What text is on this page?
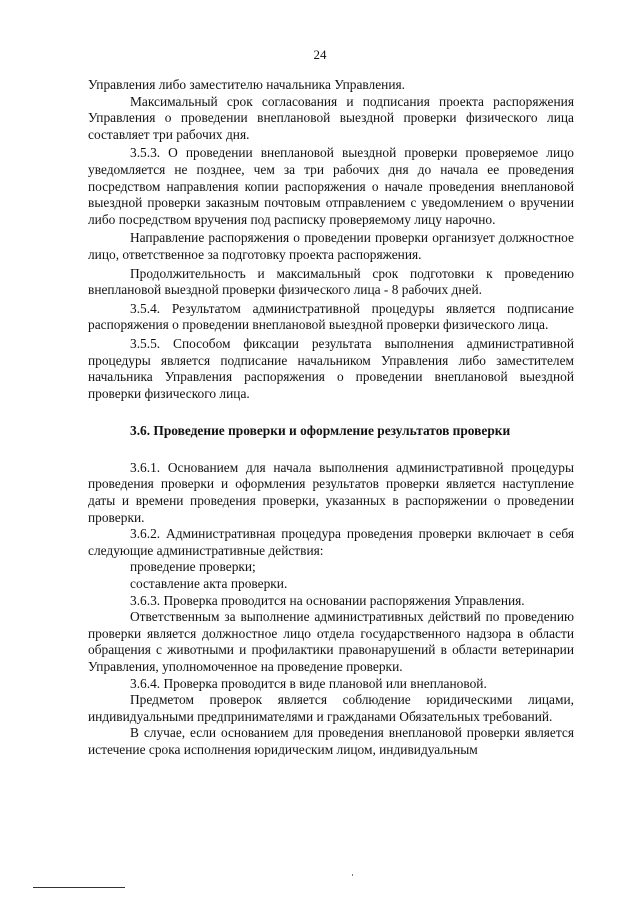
24

Управления либо заместителю начальника Управления.

Максимальный срок согласования и подписания проекта распоряжения Управления о проведении внеплановой выездной проверки физического лица составляет три рабочих дня.

3.5.3. О проведении внеплановой выездной проверки проверяемое лицо уведомляется не позднее, чем за три рабочих дня до начала ее проведения посредством направления копии распоряжения о начале проведения внеплановой выездной проверки заказным почтовым отправлением с уведомлением о вручении либо посредством вручения под расписку проверяемому лицу нарочно.

Направление распоряжения о проведении проверки организует должностное лицо, ответственное за подготовку проекта распоряжения.

Продолжительность и максимальный срок подготовки к проведению внеплановой выездной проверки физического лица - 8 рабочих дней.

3.5.4. Результатом административной процедуры является подписание распоряжения о проведении внеплановой выездной проверки физического лица.

3.5.5. Способом фиксации результата выполнения административной процедуры является подписание начальником Управления либо заместителем начальника Управления распоряжения о проведении внеплановой выездной проверки физического лица.

3.6. Проведение проверки и оформление результатов проверки

3.6.1. Основанием для начала выполнения административной процедуры проведения проверки и оформления результатов проверки является наступление даты и времени проведения проверки, указанных в распоряжении о проведении проверки.

3.6.2. Административная процедура проведения проверки включает в себя следующие административные действия:

проведение проверки;

составление акта проверки.

3.6.3. Проверка проводится на основании распоряжения Управления.

Ответственным за выполнение административных действий по проведению проверки является должностное лицо отдела государственного надзора в области обращения с животными и профилактики правонарушений в области ветеринарии Управления, уполномоченное на проведение проверки.

3.6.4. Проверка проводится в виде плановой или внеплановой.

Предметом проверок является соблюдение юридическими лицами, индивидуальными предпринимателями и гражданами Обязательных требований.

В случае, если основанием для проведения внеплановой проверки является истечение срока исполнения юридическим лицом, индивидуальным
